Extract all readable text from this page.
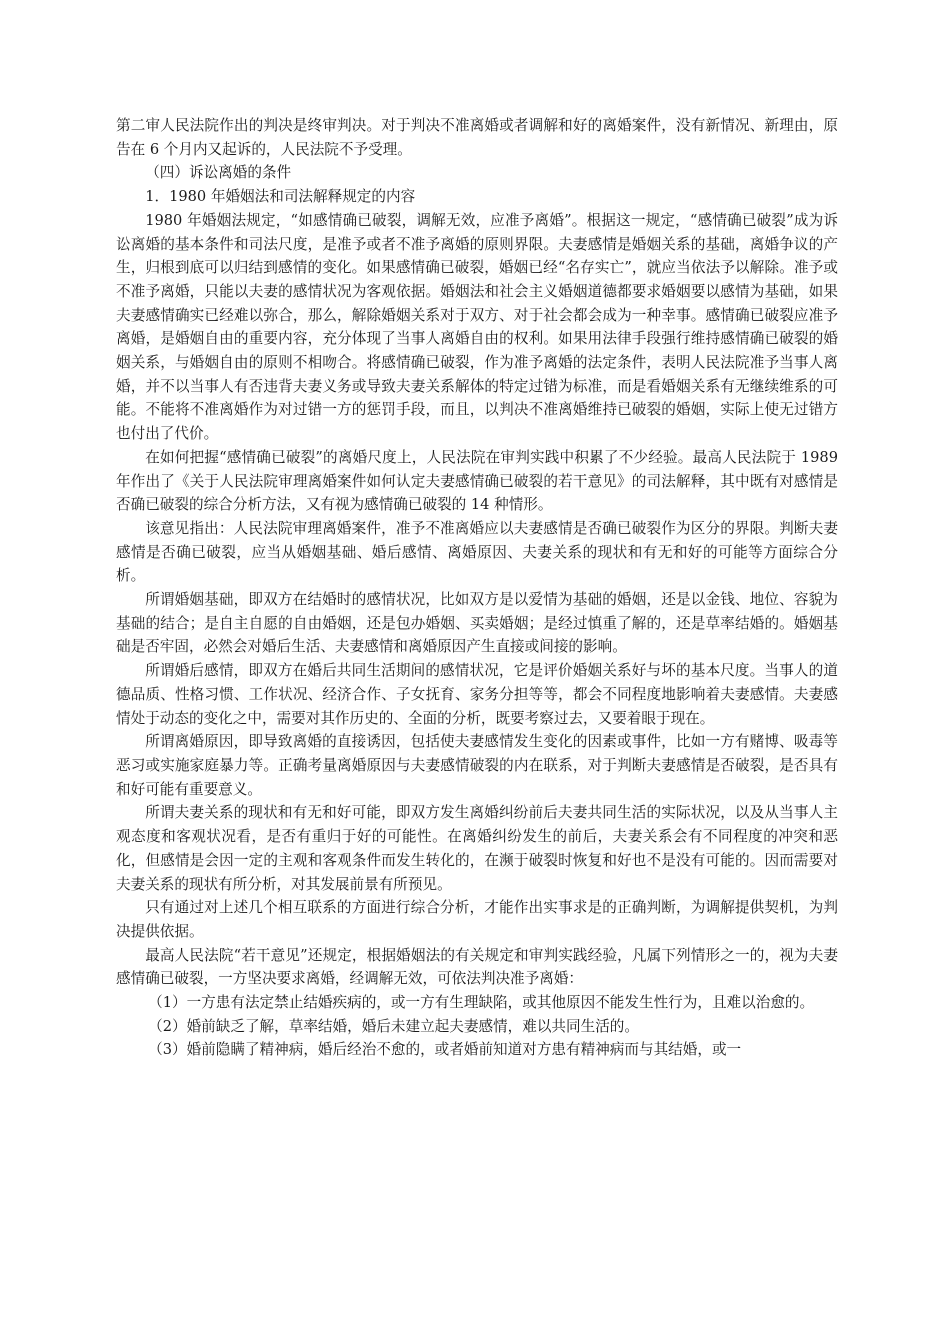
第二审人民法院作出的判决是终审判决。对于判决不准离婚或者调解和好的离婚案件，没有新情况、新理由，原告在 6 个月内又起诉的，人民法院不予受理。

（四）诉讼离婚的条件

1．1980 年婚姻法和司法解释规定的内容

1980 年婚姻法规定，“如感情确已破裂，调解无效，应准予离婚”。根据这一规定，“感情确已破裂”成为诉讼离婚的基本条件和司法尺度，是准予或者不准予离婚的原则界限。夫妻感情是婚姻关系的基础，离婚争议的产生，归根到底可以归结到感情的变化。如果感情确已破裂，婚姻已经“名存实亡”，就应当依法予以解除。准予或不准予离婚，只能以夫妻的感情状况为客观依据。婚姻法和社会主义婚姻道德都要求婚姻要以感情为基础，如果夫妻感情确实已经难以弥合，那么，解除婚姻关系对于双方、对于社会都会成为一种幸事。感情确已破裂应准予离婚，是婚姻自由的重要内容，充分体现了当事人离婚自由的权利。如果用法律手段强行维持感情确已破裂的婚姻关系，与婚姻自由的原则不相吻合。将感情确已破裂，作为准予离婚的法定条件，表明人民法院准予当事人离婚，并不以当事人有否违背夫妻义务或导致夫妻关系解体的特定过错为标准，而是看婚姻关系有无继续维系的可能。不能将不准离婚作为对过错一方的惩罚手段，而且，以判决不准离婚维持已破裂的婚姻，实际上使无过错方也付出了代价。

在如何把握“感情确已破裂”的离婚尺度上，人民法院在审判实践中积累了不少经验。最高人民法院于 1989 年作出了《关于人民法院审理离婚案件如何认定夫妻感情确已破裂的若干意见》的司法解释，其中既有对感情是否确已破裂的综合分析方法，又有视为感情确已破裂的 14 种情形。

该意见指出：人民法院审理离婚案件，准予不准离婚应以夫妻感情是否确已破裂作为区分的界限。判断夫妻感情是否确已破裂，应当从婚姻基础、婚后感情、离婚原因、夫妻关系的现状和有无和好的可能等方面综合分析。

所谓婚姻基础，即双方在结婚时的感情状况，比如双方是以爱情为基础的婚姻，还是以金钱、地位、容貌为基础的结合；是自主自愿的自由婚姻，还是包办婚姻、买卖婚姻；是经过慎重了解的，还是草率结婚的。婚姻基础是否牢固，必然会对婚后生活、夫妻感情和离婚原因产生直接或间接的影响。

所谓婚后感情，即双方在婚后共同生活期间的感情状况，它是评价婚姻关系好与坏的基本尺度。当事人的道德品质、性格习惯、工作状况、经济合作、子女抚育、家务分担等等，都会不同程度地影响着夫妻感情。夫妻感情处于动态的变化之中，需要对其作历史的、全面的分析，既要考察过去，又要着眼于现在。

所谓离婚原因，即导致离婚的直接诱因，包括使夫妻感情发生变化的因素或事件，比如一方有赌博、吸毒等恶习或实施家庭暴力等。正确考量离婚原因与夫妻感情破裂的内在联系，对于判断夫妻感情是否破裂，是否具有和好可能有重要意义。

所谓夫妻关系的现状和有无和好可能，即双方发生离婚纠纷前后夫妻共同生活的实际状况，以及从当事人主观态度和客观状况看，是否有重归于好的可能性。在离婚纠纷发生的前后，夫妻关系会有不同程度的冲突和恶化，但感情是会因一定的主观和客观条件而发生转化的，在濒于破裂时恢复和好也不是没有可能的。因而需要对夫妻关系的现状有所分析，对其发展前景有所预见。

只有通过对上述几个相互联系的方面进行综合分析，才能作出实事求是的正确判断，为调解提供契机，为判决提供依据。

最高人民法院“若干意见”还规定，根据婚姻法的有关规定和审判实践经验，凡属下列情形之一的，视为夫妻感情确已破裂，一方坚决要求离婚，经调解无效，可依法判决准予离婚：

（1）一方患有法定禁止结婚疾病的，或一方有生理缺陷，或其他原因不能发生性行为，且难以治愈的。

（2）婚前缺乏了解，草率结婚，婚后未建立起夫妻感情，难以共同生活的。

（3）婚前隐瞒了精神病，婚后经治不愈的，或者婚前知道对方患有精神病而与其结婚，或一
